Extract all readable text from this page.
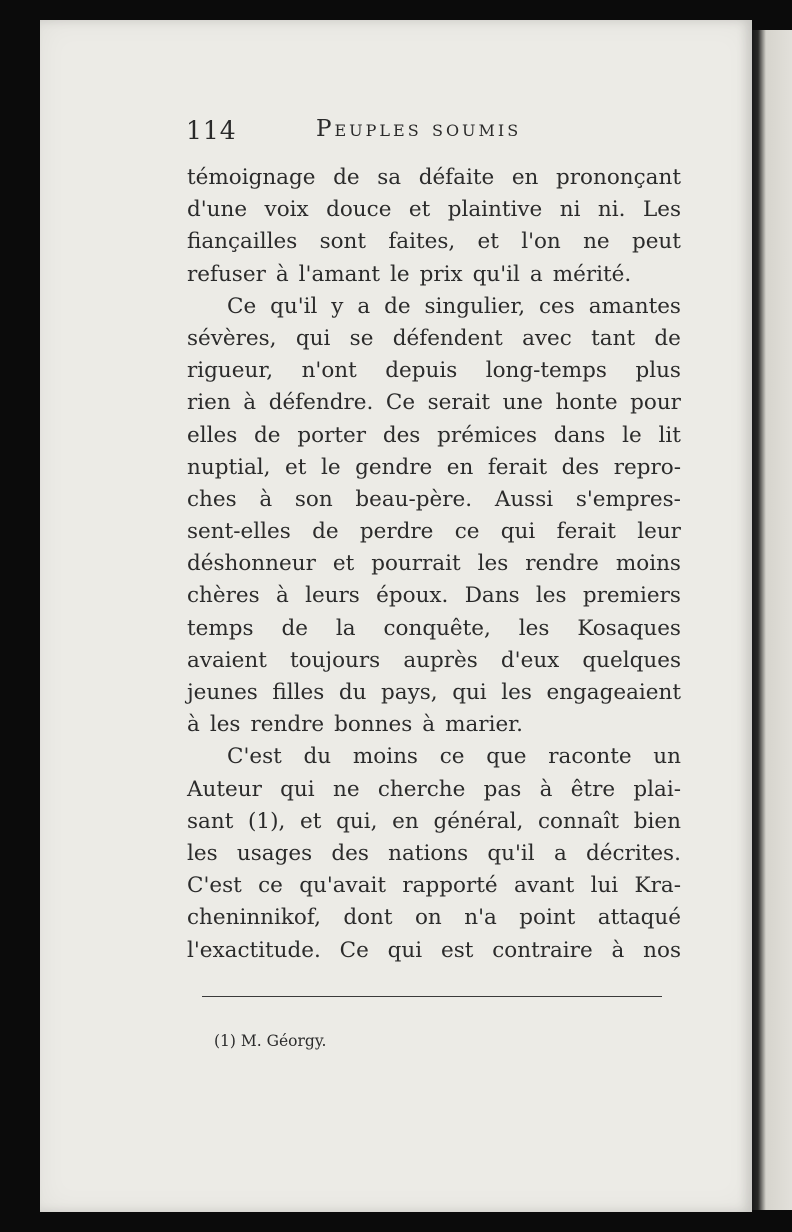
114	Peuples soumis
témoignage de sa défaite en prononçant
d'une voix douce et plaintive ni ni. Les
fiançailles sont faites, et l'on ne peut
refuser à l'amant le prix qu'il a mérité.
Ce qu'il y a de singulier, ces amantes
sévères, qui se défendent avec tant de
rigueur, n'ont depuis long-temps plus
rien à défendre. Ce serait une honte pour
elles de porter des prémices dans le lit
nuptial, et le gendre en ferait des repro-
ches à son beau-père. Aussi s'empres-
sent-elles de perdre ce qui ferait leur
déshonneur et pourrait les rendre moins
chères à leurs époux. Dans les premiers
temps de la conquête, les Kosaques
avaient toujours auprès d'eux quelques
jeunes filles du pays, qui les engageaient
à les rendre bonnes à marier.
C'est du moins ce que raconte un
Auteur qui ne cherche pas à être plai-
sant (1), et qui, en général, connaît bien
les usages des nations qu'il a décrites.
C'est ce qu'avait rapporté avant lui Kra-
cheninnikof, dont on n'a point attaqué
l'exactitude. Ce qui est contraire à nos
(1) M. Géorgy.
